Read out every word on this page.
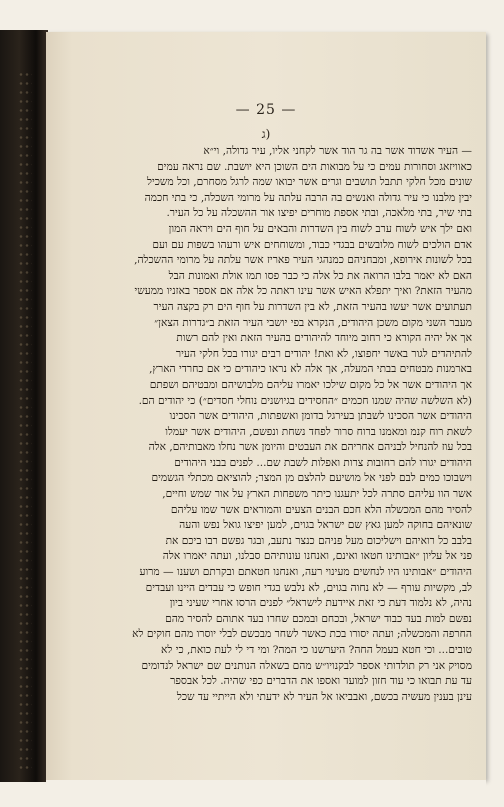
— 25 —
ג)
— העיר אשדוד אשר בה גר הוד אשר לקחני אליו, עיר גדולה, וי״א
כאוויזאג וסחורות עמים כי על מבואות הים השוכן היא יושבת. שם נראה עמים
שונים מכל חלקי תתבל תושבים וגרים אשר יבואו שמה לרגל מסחרם, וכל משכיל
יבין מלבנו כי עיר גדולה ואנשים בה הרבה עלתה על מרומי השכלה, כי בתי חכמה
בתי שיר, בתי מלאכה, ובתי אספת מוחרים יפיצו אור ההשכלה על כל העיר.
ואם ילך איש לשוח ערב לשוח בין השדרות והבאים על חוף הים ויראה המון
אדם הולכים לשוח מלובשים בבגדי כבוד, ומשוחחים איש ורעהו בשפות עם ועם
בכל לשונות אירופא, ומבחניהם כמנהגי העיר פאריז אשר עלתה על מרומי ההשכלה,
האם לא יאמר בלבו הרואה את כל אלה כי כבר פסו תמו אולת ואמונות הבל
מהעיר הזאת? ואיך יתפלא האיש אשר עינו ראתה כל אלה אם אספר באזניו ממעשי
תעתועים אשר יעשו בהעיר הזאת, לא בין השדרות על חוף הים רק בקצה העיר
מעבר השני מקום משכן היהודים, הנקרא בפי יושבי העיר הזאת ב״גדרות הצאן״
אך אל יהיה הקורא כי רחוב מיוחד להיהודים בהעיר הזאת ואין להם רשות
להתיהדים לגור באשר יחפוצו, לא ואת! יהודים רבים יגורו בכל חלקי העיר
בארמנות מבטחים בבתי המעלה, אך אלה לא נראו כיהודים כי אם כחרדי הארץ,
אך היהודים אשר אל כל מקום שילכו יאמרו עליהם מלבושיהם ומבטיהם ושפתם
(לא השלשה שהיה שמנו חכמים ״החסידים בגיושנים נוחלי חסדים״) כי יהודים הם.
היהודים אשר הסכינו לשבתן בעירגל בדומן ואשפתות, היהודים אשר הסכינו
לשאת רוח קנמ ומאמנו ברוח סרור לפחד נשחת ונפשם, היהודים אשר יעמלו
בכל עוז להנחיל לבניהם אחריהם את העבטים והיומן אשר נחלו מאבותיהם, אלה
היהודים יגורו להם רחובות צרות ואפלות לשבת שם... לפנים בבני היהודים
וישבוכו כמים לבם לפני אל מושיעם להלצם מן המצר; להוציאם מכתלי הגשמים
אשר הוו עליהם סתרה לכל יתעגנו כיתר משפחות הארץ על אור שמש וחיים,
להסיר מהם המכשלה הלא חכם הבנים הצעים והמוראים אשר שמו עליהם
שונאיהם בחוקה למען גאץ שם ישראל בגוים, למען יפיצו גואל נפש והעה
בלבב כל רואיהם וישליכום מעל פניהם כנצר נתעב, ובגר גפשם רבו ביכם את
פני אל עליון ״אבותינו חטאו ואינם, ואנחנו עונותיהם סבלנו, ועתה יאמרו אלה
היהודים ״אבותינו היו לנחשים מעינוי רעה, ואנחנו חטאתם ובקרתם ושענו — מרוע
לב, מקשיות עורף — לא נחוה בגוים, לא נלבש בגדי חופש כי עבדים היינו ועבדים
נהיה, לא נלמוד דעת כי זאת איידעת לישראל״ לפנים הרסו אחרי שעיני ביון
נפשם למות בעד כבוד ישראל, ובכחם ובמכם שחרו בעד אתוהם להסיר מהם
החרפה והמכשלה; ועתה יסורו בכת כאשר לשחר מבכשם לבלי יוסרו מהם חוקים לא
טובים... וכי חטא בעמל החה? היערשנו כי המה? ומי די לי לעת כואת, כי לא
מסויק אני רק תולדותי אספר לבקנויו״ש מהם בשאלה הנותנים שם ישראל לנדומים
עד עת תבואו כי עוד חזון למועד ואספו את הדברים כפי שהיה. לכל אבספר
עינן בענין מעשיה בכשם, ואבביאו אל העיר לא ידעתי ולא הייתיי עד שכל
